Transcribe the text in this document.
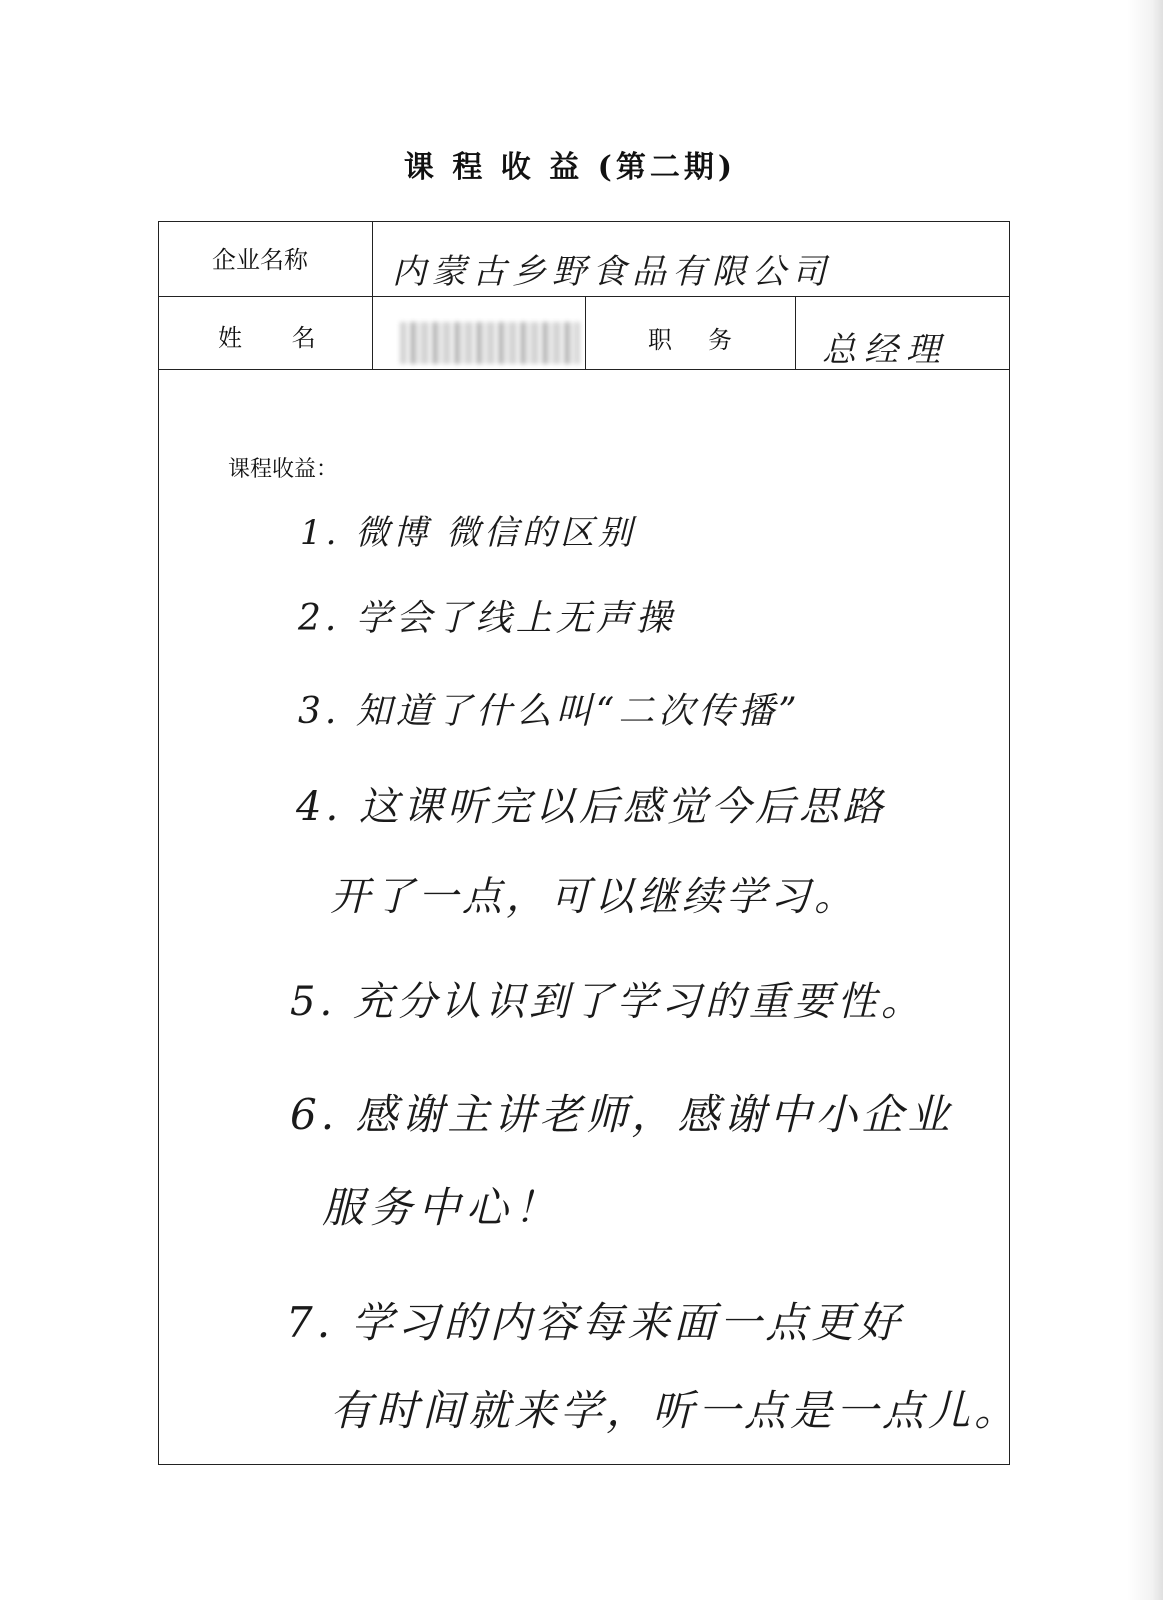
课 程 收 益 (第二期)
企业名称
姓　 名	职　务
内蒙古乡野食品有限公司
总经理
课程收益：
1. 微博 微信的区别
2. 学会了线上无声操
3. 知道了什么叫“二次传播”
4. 这课听完以后感觉今后思路
开了一点，可以继续学习。
5. 充分认识到了学习的重要性。
6. 感谢主讲老师，感谢中小企业
服务中心！
7. 学习的内容每来面一点更好
有时间就来学，听一点是一点儿。
